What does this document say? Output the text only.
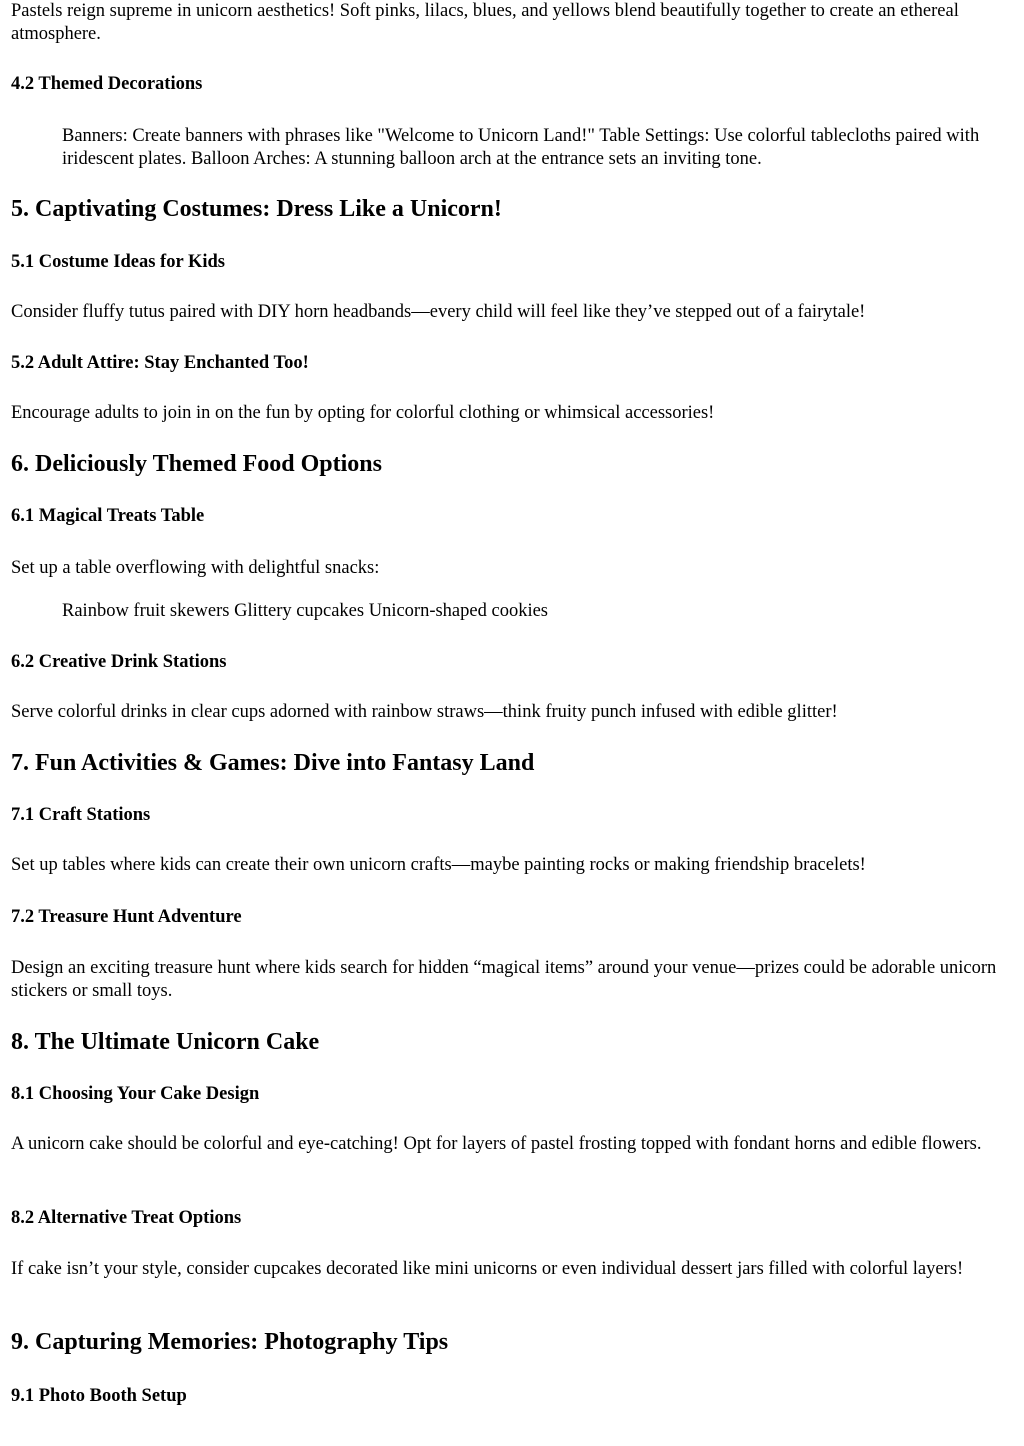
Pastels reign supreme in unicorn aesthetics! Soft pinks, lilacs, blues, and yellows blend beautifully together to create an ethereal atmosphere.

4.2 Themed Decorations
Banners: Create banners with phrases like "Welcome to Unicorn Land!" Table Settings: Use colorful tablecloths paired with iridescent plates. Balloon Arches: A stunning balloon arch at the entrance sets an inviting tone.
5. Captivating Costumes: Dress Like a Unicorn!
5.1 Costume Ideas for Kids

Consider fluffy tutus paired with DIY horn headbands—every child will feel like they’ve stepped out of a fairytale!

5.2 Adult Attire: Stay Enchanted Too!

Encourage adults to join in on the fun by opting for colorful clothing or whimsical accessories!

6. Deliciously Themed Food Options
6.1 Magical Treats Table

Set up a table overflowing with delightful snacks:

Rainbow fruit skewers Glittery cupcakes Unicorn-shaped cookies
6.2 Creative Drink Stations

Serve colorful drinks in clear cups adorned with rainbow straws—think fruity punch infused with edible glitter!

7. Fun Activities & Games: Dive into Fantasy Land
7.1 Craft Stations

Set up tables where kids can create their own unicorn crafts—maybe painting rocks or making friendship bracelets!

7.2 Treasure Hunt Adventure

Design an exciting treasure hunt where kids search for hidden “magical items” around your venue—prizes could be adorable unicorn stickers or small toys.

8. The Ultimate Unicorn Cake
8.1 Choosing Your Cake Design

A unicorn cake should be colorful and eye-catching! Opt for layers of pastel frosting topped with fondant horns and edible flowers.

8.2 Alternative Treat Options

If cake isn’t your style, consider cupcakes decorated like mini unicorns or even individual dessert jars filled with colorful layers!

9. Capturing Memories: Photography Tips
9.1 Photo Booth Setup
